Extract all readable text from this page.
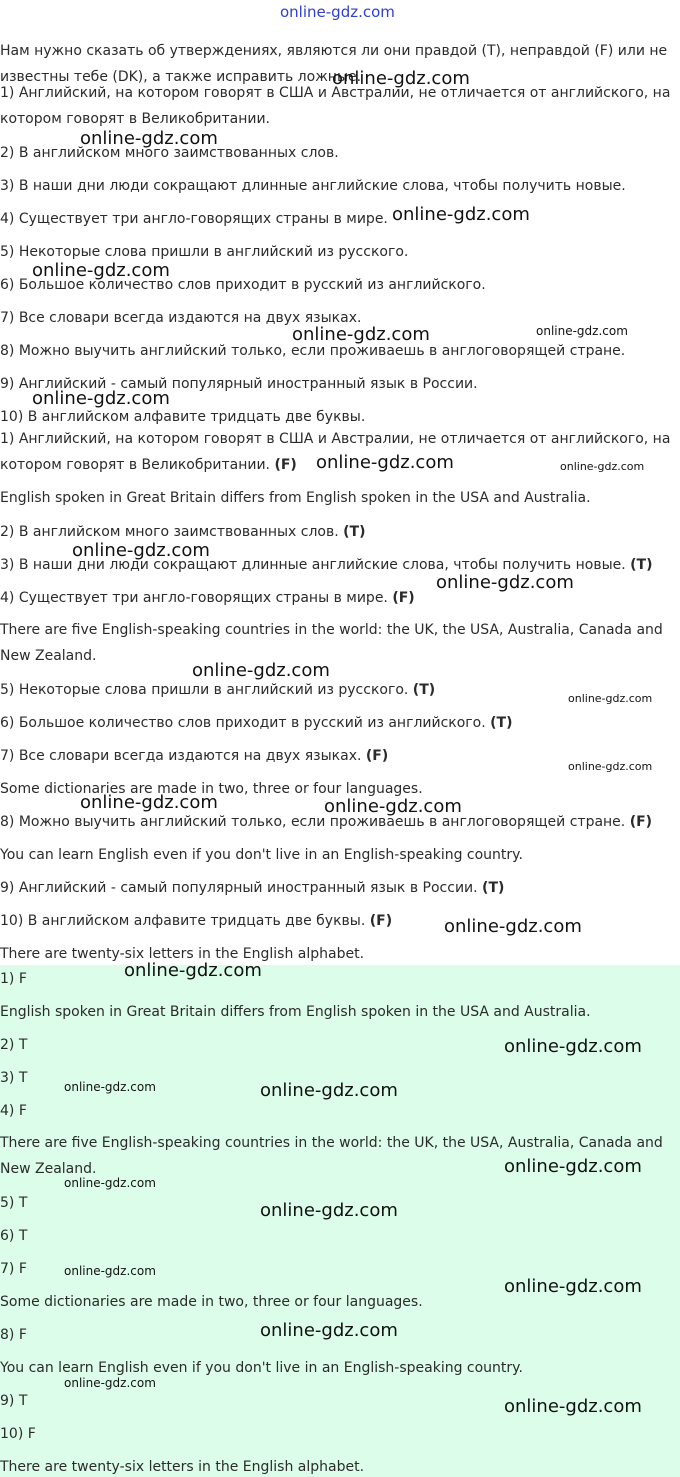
Нам нужно сказать об утверждениях, являются ли они правдой (T), неправдой (F) или не известны тебе (DK), а также исправить ложные.
1) Английский, на котором говорят в США и Австралии, не отличается от английского, на котором говорят в Великобритании.
2) В английском много заимствованных слов.
3) В наши дни люди сокращают длинные английские слова, чтобы получить новые.
4) Существует три англо-говорящих страны в мире.
5) Некоторые слова пришли в английский из русского.
6) Большое количество слов приходит в русский из английского.
7) Все словари всегда издаются на двух языках.
8) Можно выучить английский только, если проживаешь в англоговорящей стране.
9) Английский - самый популярный иностранный язык в России.
10) В английском алфавите тридцать две буквы.
1) Английский, на котором говорят в США и Австралии, не отличается от английского, на котором говорят в Великобритании. (F)
English spoken in Great Britain differs from English spoken in the USA and Australia.
2) В английском много заимствованных слов. (T)
3) В наши дни люди сокращают длинные английские слова, чтобы получить новые. (T)
4) Существует три англо-говорящих страны в мире. (F)
There are five English-speaking countries in the world: the UK, the USA, Australia, Canada and New Zealand.
5) Некоторые слова пришли в английский из русского. (T)
6) Большое количество слов приходит в русский из английского. (T)
7) Все словари всегда издаются на двух языках. (F)
Some dictionaries are made in two, three or four languages.
8) Можно выучить английский только, если проживаешь в англоговорящей стране. (F)
You can learn English even if you don't live in an English-speaking country.
9) Английский - самый популярный иностранный язык в России. (T)
10) В английском алфавите тридцать две буквы. (F)
There are twenty-six letters in the English alphabet.
1) F
English spoken in Great Britain differs from English spoken in the USA and Australia.
2) T
3) T
4) F
There are five English-speaking countries in the world: the UK, the USA, Australia, Canada and New Zealand.
5) T
6) T
7) F
Some dictionaries are made in two, three or four languages.
8) F
You can learn English even if you don't live in an English-speaking country.
9) T
10) F
There are twenty-six letters in the English alphabet.
online-gdz.com
online-gdz.com
online-gdz.com
online-gdz.com
online-gdz.com
online-gdz.com	online-gdz.com
online-gdz.com
online-gdz.com	online-gdz.com
online-gdz.com
online-gdz.com
online-gdz.com
online-gdz.com
online-gdz.com
online-gdz.com	online-gdz.com
online-gdz.com
online-gdz.com
online-gdz.com
online-gdz.com	online-gdz.com
online-gdz.com
online-gdz.com
online-gdz.com
online-gdz.com
online-gdz.com
online-gdz.com
online-gdz.com
online-gdz.com
